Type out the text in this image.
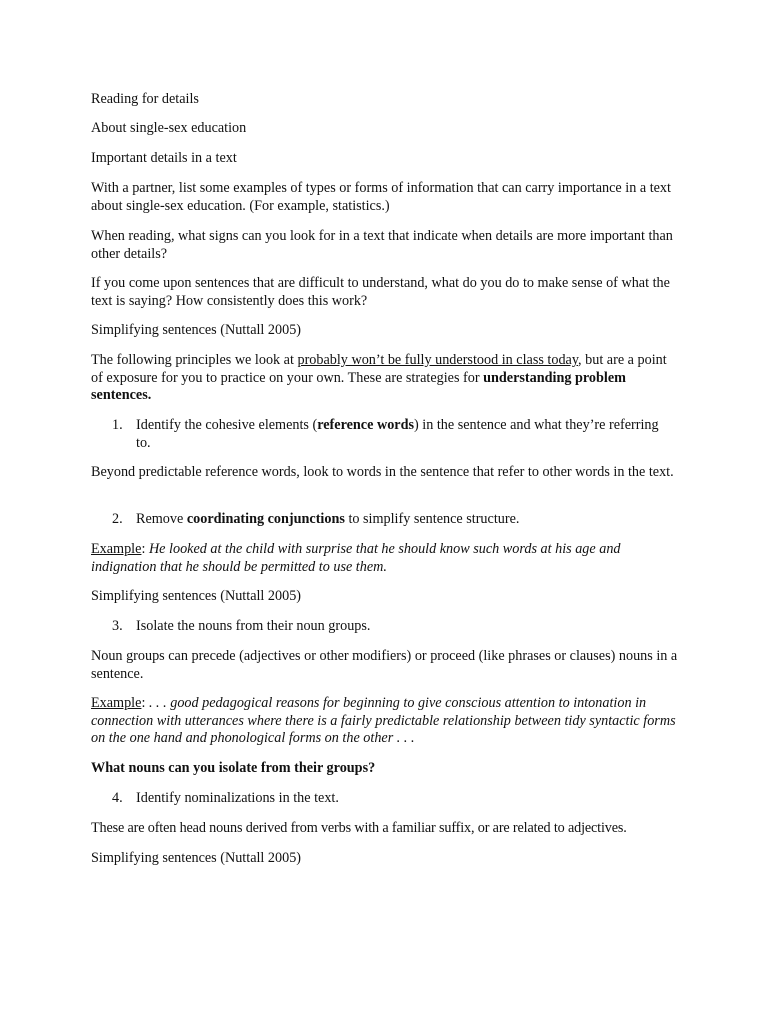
Reading for details

About single-sex education

Important details in a text

With a partner, list some examples of types or forms of information that can carry importance in a text about single-sex education. (For example, statistics.)

When reading, what signs can you look for in a text that indicate when details are more important than other details?

If you come upon sentences that are difficult to understand, what do you do to make sense of what the text is saying? How consistently does this work?

Simplifying sentences (Nuttall 2005)

The following principles we look at probably won’t be fully understood in class today, but are a point of exposure for you to practice on your own. These are strategies for understanding problem sentences.

1. Identify the cohesive elements (reference words) in the sentence and what they’re referring to.

Beyond predictable reference words, look to words in the sentence that refer to other words in the text.

2. Remove coordinating conjunctions to simplify sentence structure.

Example: He looked at the child with surprise that he should know such words at his age and indignation that he should be permitted to use them.

Simplifying sentences (Nuttall 2005)

3. Isolate the nouns from their noun groups.

Noun groups can precede (adjectives or other modifiers) or proceed (like phrases or clauses) nouns in a sentence.

Example: . . . good pedagogical reasons for beginning to give conscious attention to intonation in connection with utterances where there is a fairly predictable relationship between tidy syntactic forms on the one hand and phonological forms on the other . . .

What nouns can you isolate from their groups?

4. Identify nominalizations in the text.

These are often head nouns derived from verbs with a familiar suffix, or are related to adjectives.

Simplifying sentences (Nuttall 2005)
